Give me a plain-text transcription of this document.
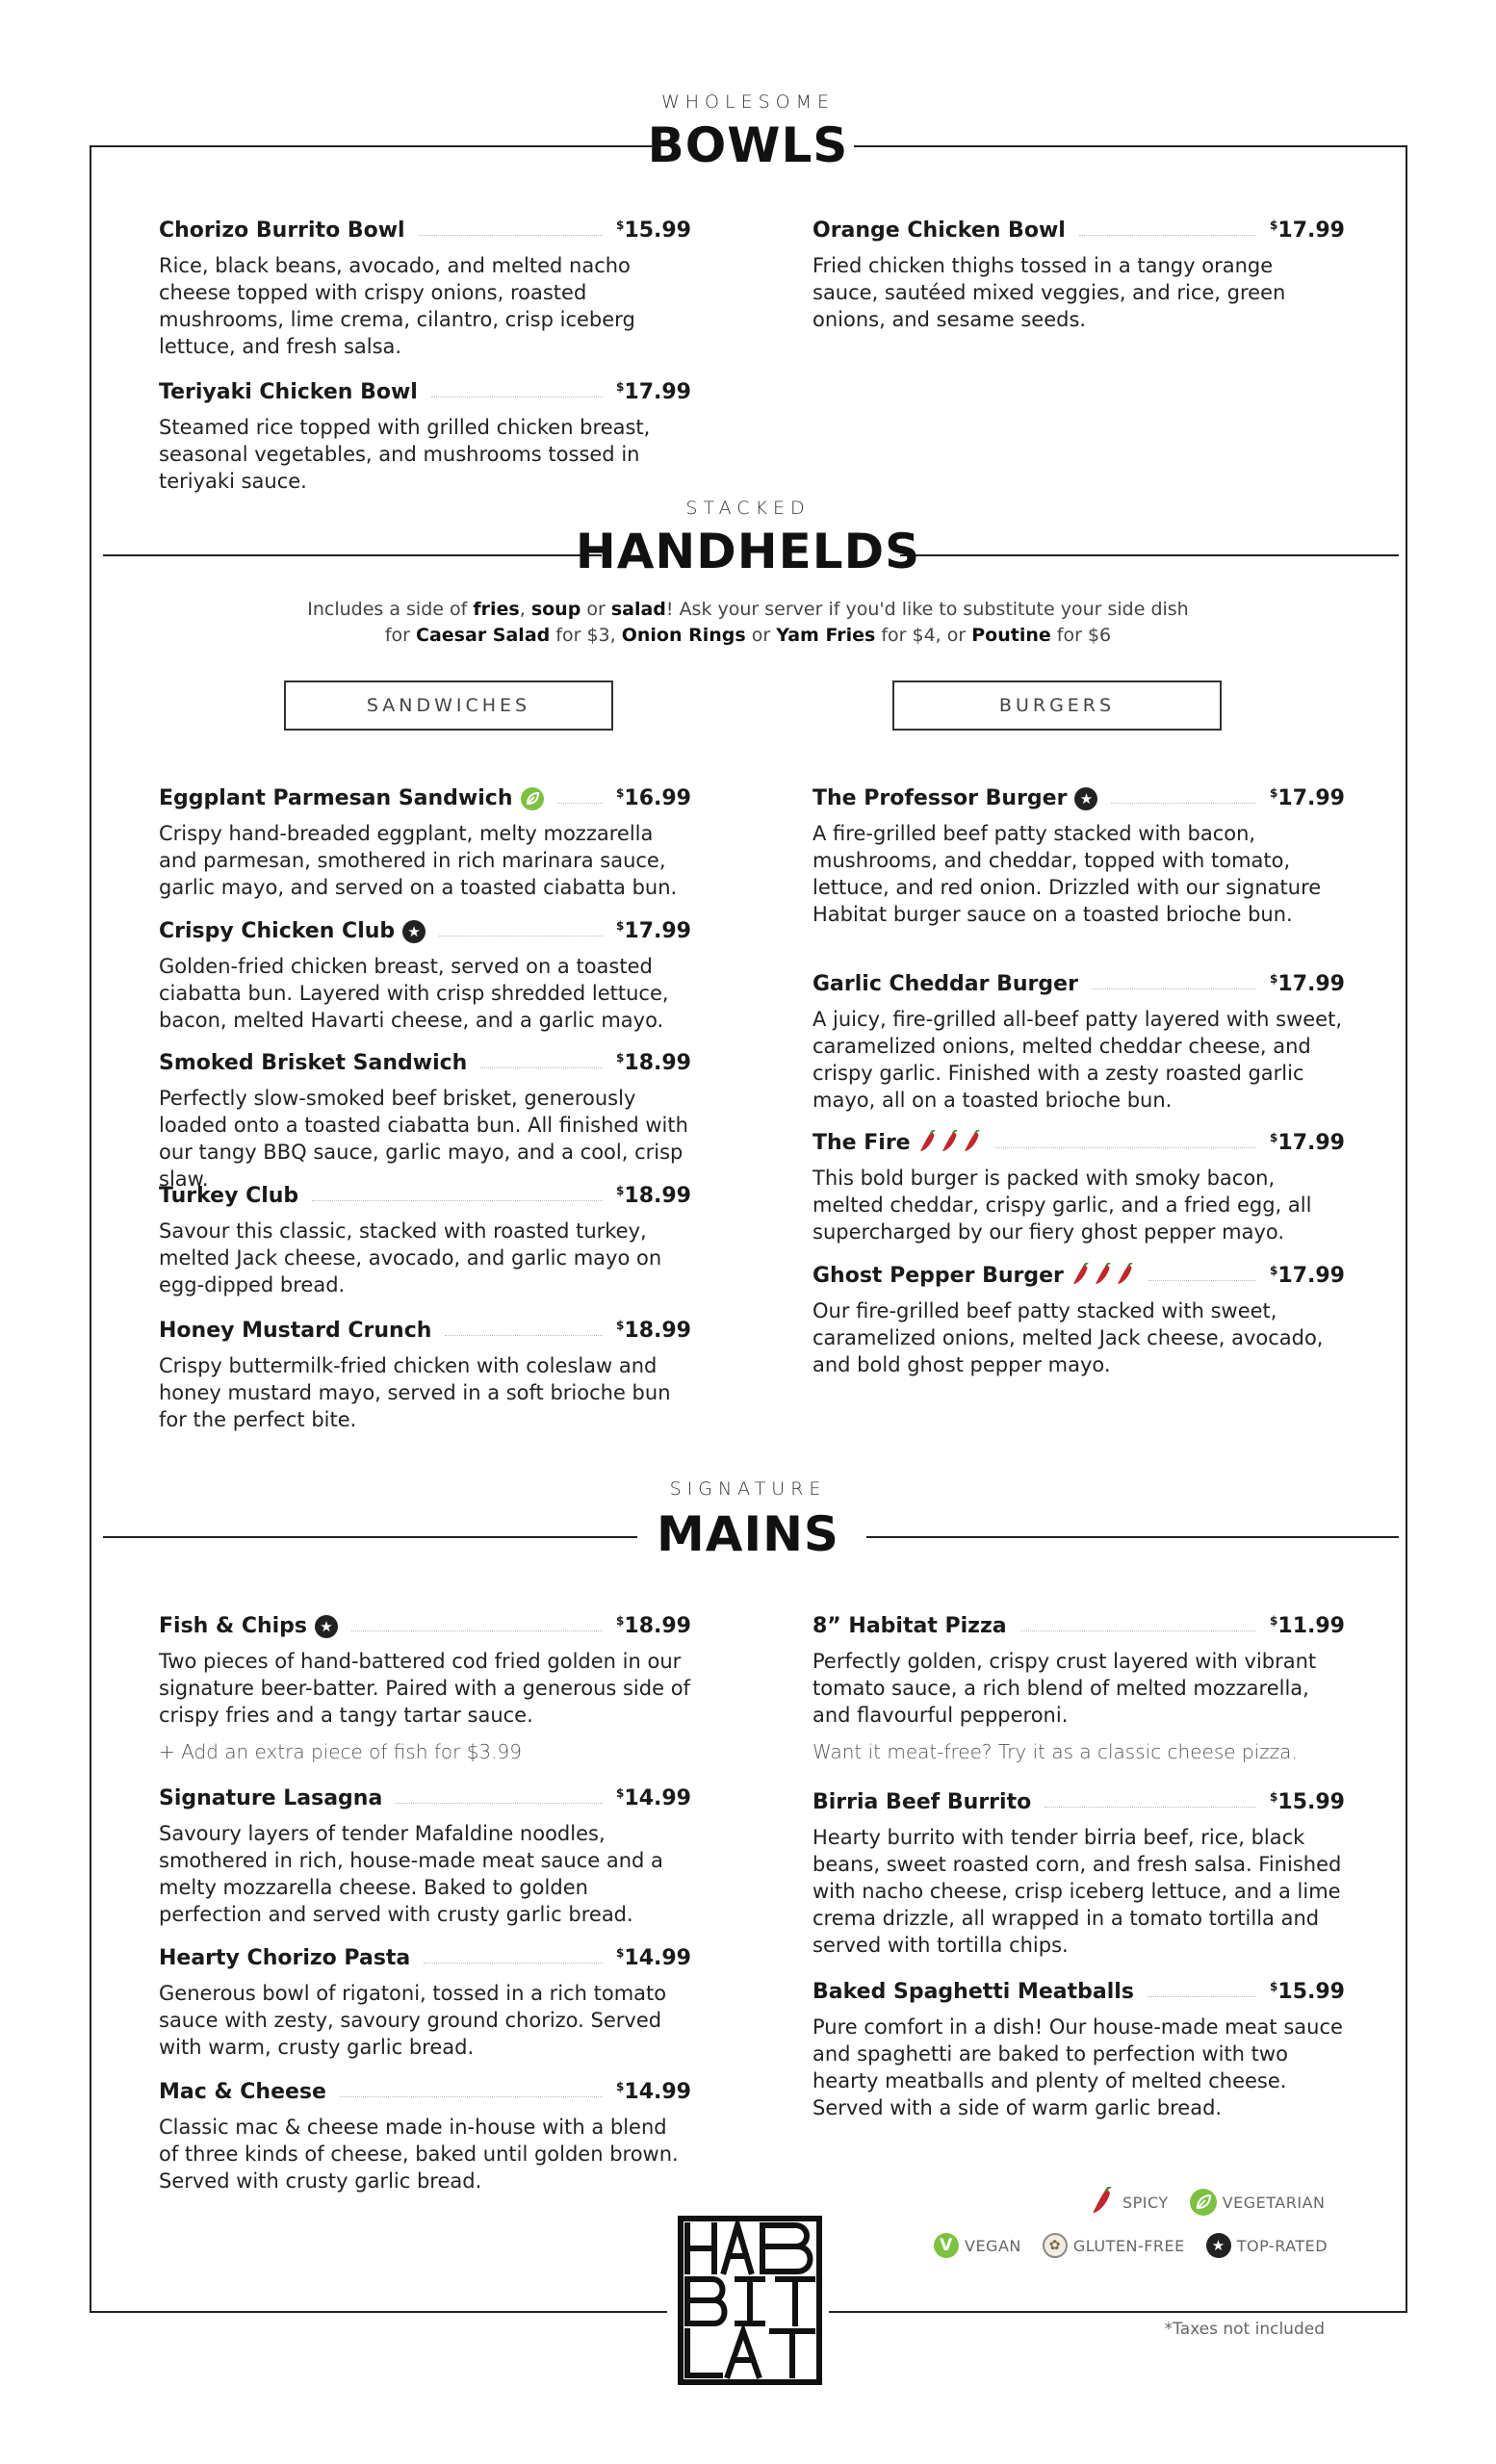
WHOLESOME
BOWLS
Chorizo Burrito Bowl	$15.99
Rice, black beans, avocado, and melted nacho cheese topped with crispy onions, roasted mushrooms, lime crema, cilantro, crisp iceberg lettuce, and fresh salsa.
Teriyaki Chicken Bowl	$17.99
Steamed rice topped with grilled chicken breast, seasonal vegetables, and mushrooms tossed in teriyaki sauce.
Orange Chicken Bowl	$17.99
Fried chicken thighs tossed in a tangy orange sauce, sautéed mixed veggies, and rice, green onions, and sesame seeds.
STACKED
HANDHELDS
Includes a side of fries, soup or salad! Ask your server if you'd like to substitute your side dish
for Caesar Salad for $3, Onion Rings or Yam Fries for $4, or Poutine for $6
SANDWICHES	BURGERS
Eggplant Parmesan Sandwich	$16.99
Crispy hand-breaded eggplant, melty mozzarella and parmesan, smothered in rich marinara sauce, garlic mayo, and served on a toasted ciabatta bun.
Crispy Chicken Club ★	$17.99
Golden-fried chicken breast, served on a toasted ciabatta bun. Layered with crisp shredded lettuce, bacon, melted Havarti cheese, and a garlic mayo.
Smoked Brisket Sandwich	$18.99
Perfectly slow-smoked beef brisket, generously loaded onto a toasted ciabatta bun. All finished with our tangy BBQ sauce, garlic mayo, and a cool, crisp slaw.
Turkey Club	$18.99
Savour this classic, stacked with roasted turkey, melted Jack cheese, avocado, and garlic mayo on egg-dipped bread.
Honey Mustard Crunch	$18.99
Crispy buttermilk-fried chicken with coleslaw and honey mustard mayo, served in a soft brioche bun for the perfect bite.
The Professor Burger ★	$17.99
A fire-grilled beef patty stacked with bacon, mushrooms, and cheddar, topped with tomato, lettuce, and red onion. Drizzled with our signature Habitat burger sauce on a toasted brioche bun.
Garlic Cheddar Burger	$17.99
A juicy, fire-grilled all-beef patty layered with sweet, caramelized onions, melted cheddar cheese, and crispy garlic. Finished with a zesty roasted garlic mayo, all on a toasted brioche bun.
The Fire	$17.99
This bold burger is packed with smoky bacon, melted cheddar, crispy garlic, and a fried egg, all supercharged by our fiery ghost pepper mayo.
Ghost Pepper Burger	$17.99
Our fire-grilled beef patty stacked with sweet, caramelized onions, melted Jack cheese, avocado, and bold ghost pepper mayo.
SIGNATURE
MAINS
Fish & Chips ★	$18.99
Two pieces of hand-battered cod fried golden in our signature beer-batter. Paired with a generous side of crispy fries and a tangy tartar sauce.
+ Add an extra piece of fish for $3.99
Signature Lasagna	$14.99
Savoury layers of tender Mafaldine noodles, smothered in rich, house-made meat sauce and a melty mozzarella cheese. Baked to golden perfection and served with crusty garlic bread.
Hearty Chorizo Pasta	$14.99
Generous bowl of rigatoni, tossed in a rich tomato sauce with zesty, savoury ground chorizo. Served with warm, crusty garlic bread.
Mac & Cheese	$14.99
Classic mac & cheese made in-house with a blend of three kinds of cheese, baked until golden brown. Served with crusty garlic bread.
8” Habitat Pizza	$11.99
Perfectly golden, crispy crust layered with vibrant tomato sauce, a rich blend of melted mozzarella, and flavourful pepperoni.
Want it meat-free? Try it as a classic cheese pizza.
Birria Beef Burrito	$15.99
Hearty burrito with tender birria beef, rice, black beans, sweet roasted corn, and fresh salsa. Finished with nacho cheese, crisp iceberg lettuce, and a lime crema drizzle, all wrapped in a tomato tortilla and served with tortilla chips.
Baked Spaghetti Meatballs	$15.99
Pure comfort in a dish! Our house-made meat sauce and spaghetti are baked to perfection with two hearty meatballs and plenty of melted cheese. Served with a side of warm garlic bread.
SPICY	VEGETARIAN
V VEGAN	✿ GLUTEN-FREE	★ TOP-RATED
*Taxes not included
